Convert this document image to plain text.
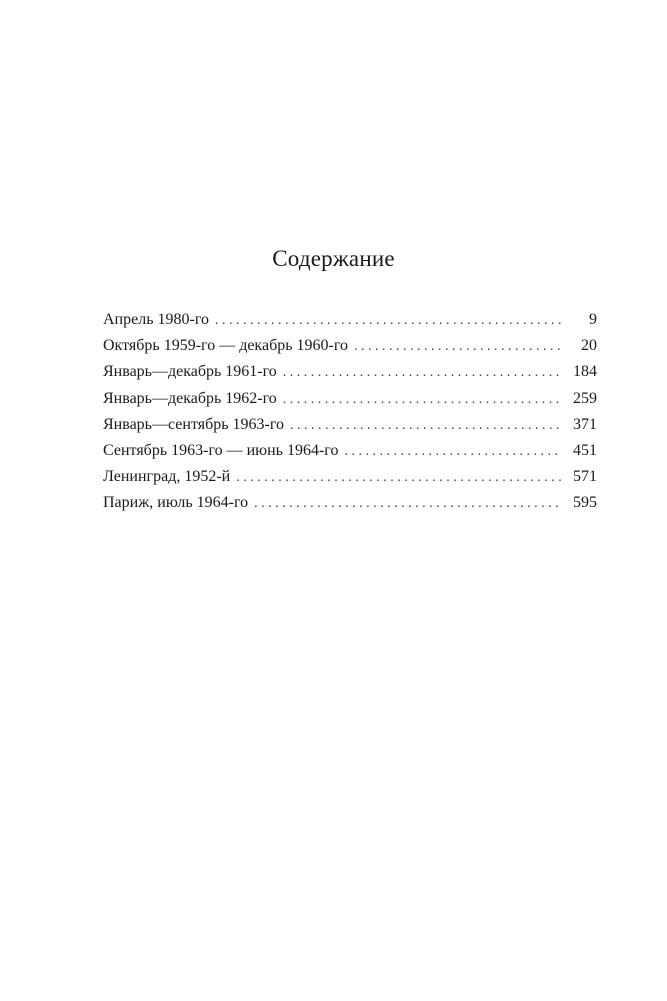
Содержание
Апрель 1980-го . . .	9
Октябрь 1959-го — декабрь 1960-го . . .	20
Январь—декабрь 1961-го . . .	184
Январь—декабрь 1962-го . . .	259
Январь—сентябрь 1963-го . . .	371
Сентябрь 1963-го — июнь 1964-го . . .	451
Ленинград, 1952-й . . .	571
Париж, июль 1964-го . . .	595
